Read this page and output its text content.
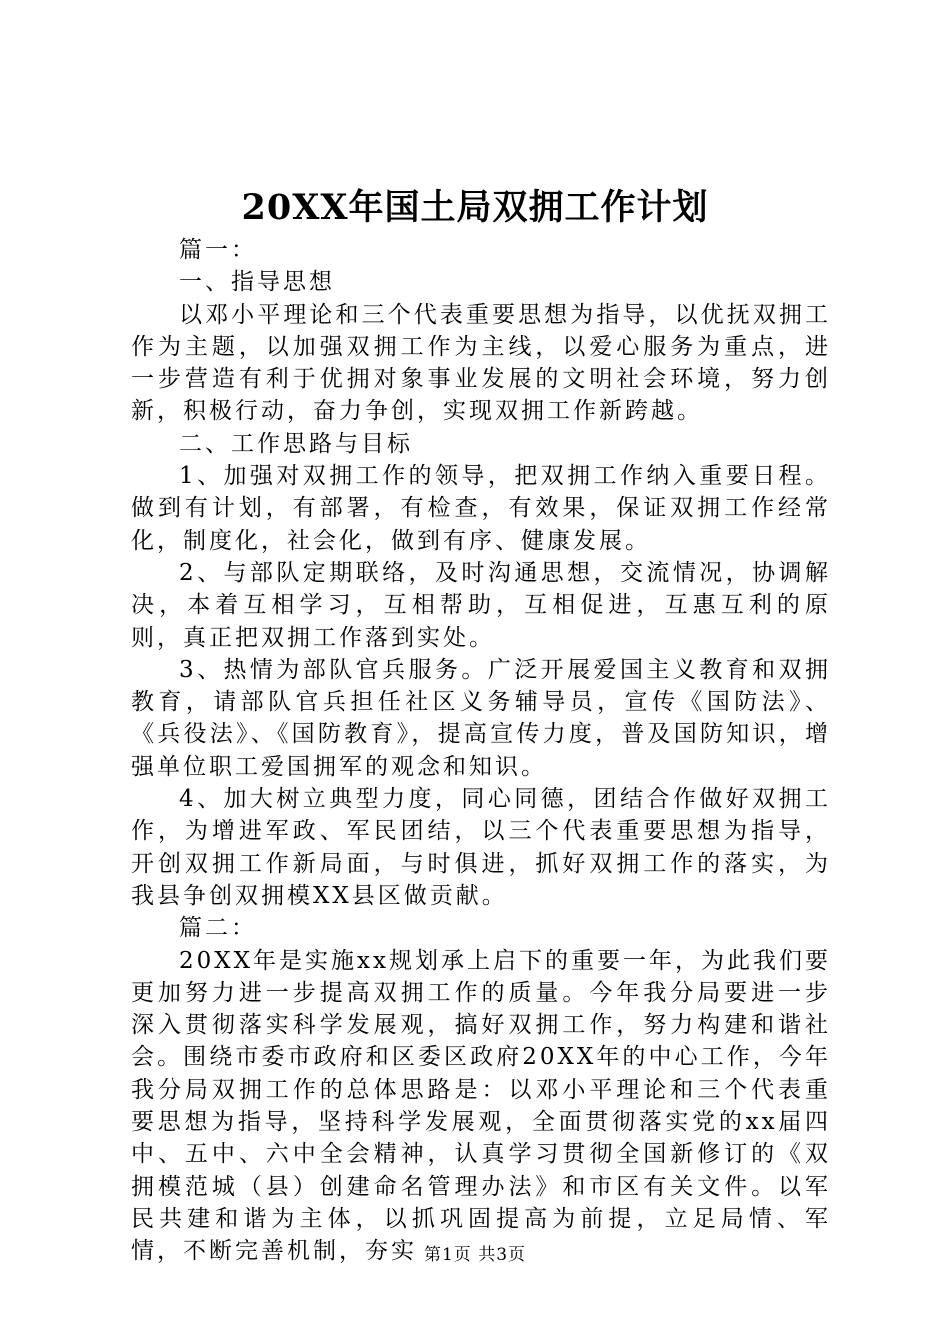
20XX年国土局双拥工作计划

篇一：

一、指导思想

以邓小平理论和三个代表重要思想为指导，以优抚双拥工作为主题，以加强双拥工作为主线，以爱心服务为重点，进一步营造有利于优拥对象事业发展的文明社会环境，努力创新，积极行动，奋力争创，实现双拥工作新跨越。

二、工作思路与目标

1、加强对双拥工作的领导，把双拥工作纳入重要日程。做到有计划，有部署，有检查，有效果，保证双拥工作经常化，制度化，社会化，做到有序、健康发展。

2、与部队定期联络，及时沟通思想，交流情况，协调解决，本着互相学习，互相帮助，互相促进，互惠互利的原则，真正把双拥工作落到实处。

3、热情为部队官兵服务。广泛开展爱国主义教育和双拥教育，请部队官兵担任社区义务辅导员，宣传《国防法》、《兵役法》、《国防教育》，提高宣传力度，普及国防知识，增强单位职工爱国拥军的观念和知识。

4、加大树立典型力度，同心同德，团结合作做好双拥工作，为增进军政、军民团结，以三个代表重要思想为指导，开创双拥工作新局面，与时俱进，抓好双拥工作的落实，为我县争创双拥模XX县区做贡献。

篇二：

20XX年是实施xx规划承上启下的重要一年，为此我们要更加努力进一步提高双拥工作的质量。今年我分局要进一步深入贯彻落实科学发展观，搞好双拥工作，努力构建和谐社会。围绕市委市政府和区委区政府20XX年的中心工作，今年我分局双拥工作的总体思路是：以邓小平理论和三个代表重要思想为指导，坚持科学发展观，全面贯彻落实党的xx届四中、五中、六中全会精神，认真学习贯彻全国新修订的《双拥模范城（县）创建命名管理办法》和市区有关文件。以军民共建和谐为主体，以抓巩固提高为前提，立足局情、军情，不断完善机制，夯实 第1页 共3页
